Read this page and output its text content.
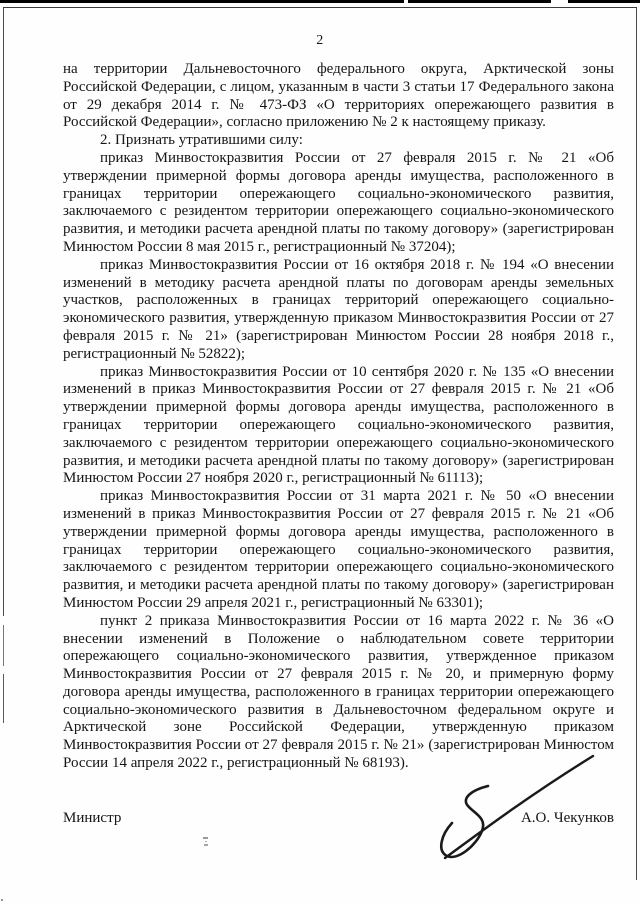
2

на территории Дальневосточного федерального округа, Арктической зоны Российской Федерации, с лицом, указанным в части 3 статьи 17 Федерального закона от 29 декабря 2014 г. № 473-ФЗ «О территориях опережающего развития в Российской Федерации», согласно приложению № 2 к настоящему приказу.

2. Признать утратившими силу:

приказ Минвостокразвития России от 27 февраля 2015 г. № 21 «Об утверждении примерной формы договора аренды имущества, расположенного в границах территории опережающего социально-экономического развития, заключаемого с резидентом территории опережающего социально-экономического развития, и методики расчета арендной платы по такому договору» (зарегистрирован Минюстом России 8 мая 2015 г., регистрационный № 37204);

приказ Минвостокразвития России от 16 октября 2018 г. № 194 «О внесении изменений в методику расчета арендной платы по договорам аренды земельных участков, расположенных в границах территорий опережающего социально-экономического развития, утвержденную приказом Минвостокразвития России от 27 февраля 2015 г. № 21» (зарегистрирован Минюстом России 28 ноября 2018 г., регистрационный № 52822);

приказ Минвостокразвития России от 10 сентября 2020 г. № 135 «О внесении изменений в приказ Минвостокразвития России от 27 февраля 2015 г. № 21 «Об утверждении примерной формы договора аренды имущества, расположенного в границах территории опережающего социально-экономического развития, заключаемого с резидентом территории опережающего социально-экономического развития, и методики расчета арендной платы по такому договору» (зарегистрирован Минюстом России 27 ноября 2020 г., регистрационный № 61113);

приказ Минвостокразвития России от 31 марта 2021 г. № 50 «О внесении изменений в приказ Минвостокразвития России от 27 февраля 2015 г. № 21 «Об утверждении примерной формы договора аренды имущества, расположенного в границах территории опережающего социально-экономического развития, заключаемого с резидентом территории опережающего социально-экономического развития, и методики расчета арендной платы по такому договору» (зарегистрирован Минюстом России 29 апреля 2021 г., регистрационный № 63301);

пункт 2 приказа Минвостокразвития России от 16 марта 2022 г. № 36 «О внесении изменений в Положение о наблюдательном совете территории опережающего социально-экономического развития, утвержденное приказом Минвостокразвития России от 27 февраля 2015 г. № 20, и примерную форму договора аренды имущества, расположенного в границах территории опережающего социально-экономического развития в Дальневосточном федеральном округе и Арктической зоне Российской Федерации, утвержденную приказом Минвостокразвития России от 27 февраля 2015 г. № 21» (зарегистрирован Минюстом России 14 апреля 2022 г., регистрационный № 68193).

Министр	А.О. Чекунков
